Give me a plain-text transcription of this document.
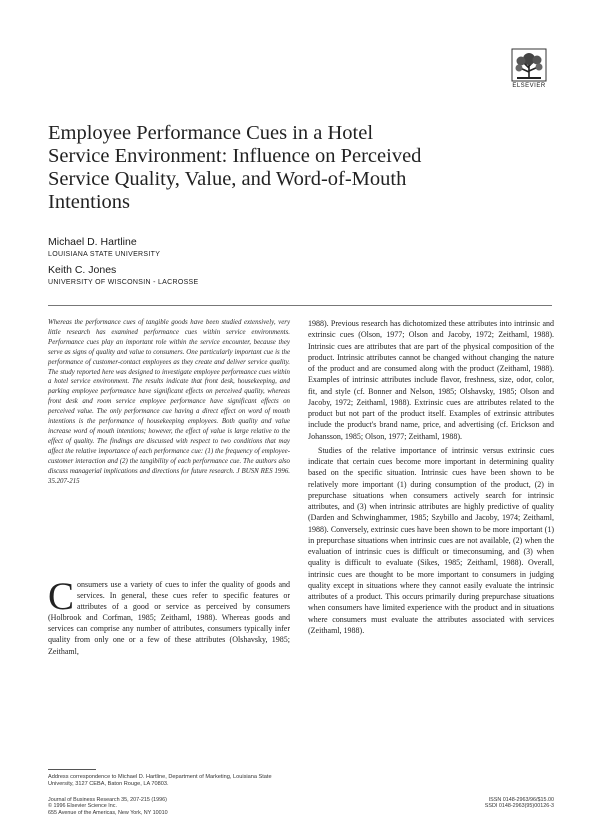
ELSEVIER
Employee Performance Cues in a Hotel
Service Environment: Influence on Perceived
Service Quality, Value, and Word-of-Mouth
Intentions
Michael D. Hartline
LOUISIANA STATE UNIVERSITY
Keith C. Jones
UNIVERSITY OF WISCONSIN - LACROSSE
Whereas the performance cues of tangible goods have been studied extensively, very little research has examined performance cues within service environments. Performance cues play an important role within the service encounter, because they serve as signs of quality and value to consumers. One particularly important cue is the performance of customer-contact employees as they create and deliver service quality. The study reported here was designed to investigate employee performance cues within a hotel service environment. The results indicate that front desk, housekeeping, and parking employee performance have significant effects on perceived quality, whereas front desk and room service employee performance have significant effects on perceived value. The only performance cue having a direct effect on word of mouth intentions is the performance of housekeeping employees. Both quality and value increase word of mouth intentions; however, the effect of value is large relative to the effect of quality. The findings are discussed with respect to two conditions that may affect the relative importance of each performance cue: (1) the frequency of employee-customer interaction and (2) the tangibility of each performance cue. The authors also discuss managerial implications and directions for future research. J BUSN RES 1996. 35.207-215
Consumers use a variety of cues to infer the quality of goods and services. In general, these cues refer to specific features or attributes of a good or service as perceived by consumers (Holbrook and Corfman, 1985; Zeithaml, 1988). Whereas goods and services can comprise any number of attributes, consumers typically infer quality from only one or a few of these attributes (Olshavsky, 1985; Zeithaml,

1988). Previous research has dichotomized these attributes into intrinsic and extrinsic cues (Olson, 1977; Olson and Jacoby, 1972; Zeithaml, 1988). Intrinsic cues are attributes that are part of the physical composition of the product. Intrinsic attributes cannot be changed without changing the nature of the product and are consumed along with the product (Zeithaml, 1988). Examples of intrinsic attributes include flavor, freshness, size, odor, color, fit, and style (cf. Bonner and Nelson, 1985; Olshavsky, 1985; Olson and Jacoby, 1972; Zeithaml, 1988). Extrinsic cues are attributes related to the product but not part of the product itself. Examples of extrinsic attributes include the product's brand name, price, and advertising (cf. Erickson and Johansson, 1985; Olson, 1977; Zeithaml, 1988).

Studies of the relative importance of intrinsic versus extrinsic cues indicate that certain cues become more important in determining quality based on the specific situation. Intrinsic cues have been shown to be relatively more important (1) during consumption of the product, (2) in prepurchase situations when consumers actively search for intrinsic attributes, and (3) when intrinsic attributes are highly predictive of quality (Darden and Schwinghammer, 1985; Szybillo and Jacoby, 1974; Zeithaml, 1988). Conversely, extrinsic cues have been shown to be more important (1) in prepurchase situations when intrinsic cues are not available, (2) when the evaluation of intrinsic cues is difficult or timeconsuming, and (3) when quality is difficult to evaluate (Sikes, 1985; Zeithaml, 1988). Overall, intrinsic cues are thought to be more important to consumers in judging quality except in situations where they cannot easily evaluate the intrinsic attributes of a product. This occurs primarily during prepurchase situations when consumers have limited experience with the product and in situations where consumers must evaluate the attributes associated with services (Zeithaml, 1988).

Address correspondence to Michael D. Hartline, Department of Marketing, Louisiana State University, 3127 CEBA, Baton Rouge, LA 70803.
Journal of Business Research 35, 207-215 (1996)
© 1996 Elsevier Science Inc.
655 Avenue of the Americas, New York, NY 10010
ISSN 0148-2963/96/$15.00
SSDI 0148-2963(95)00126-3
